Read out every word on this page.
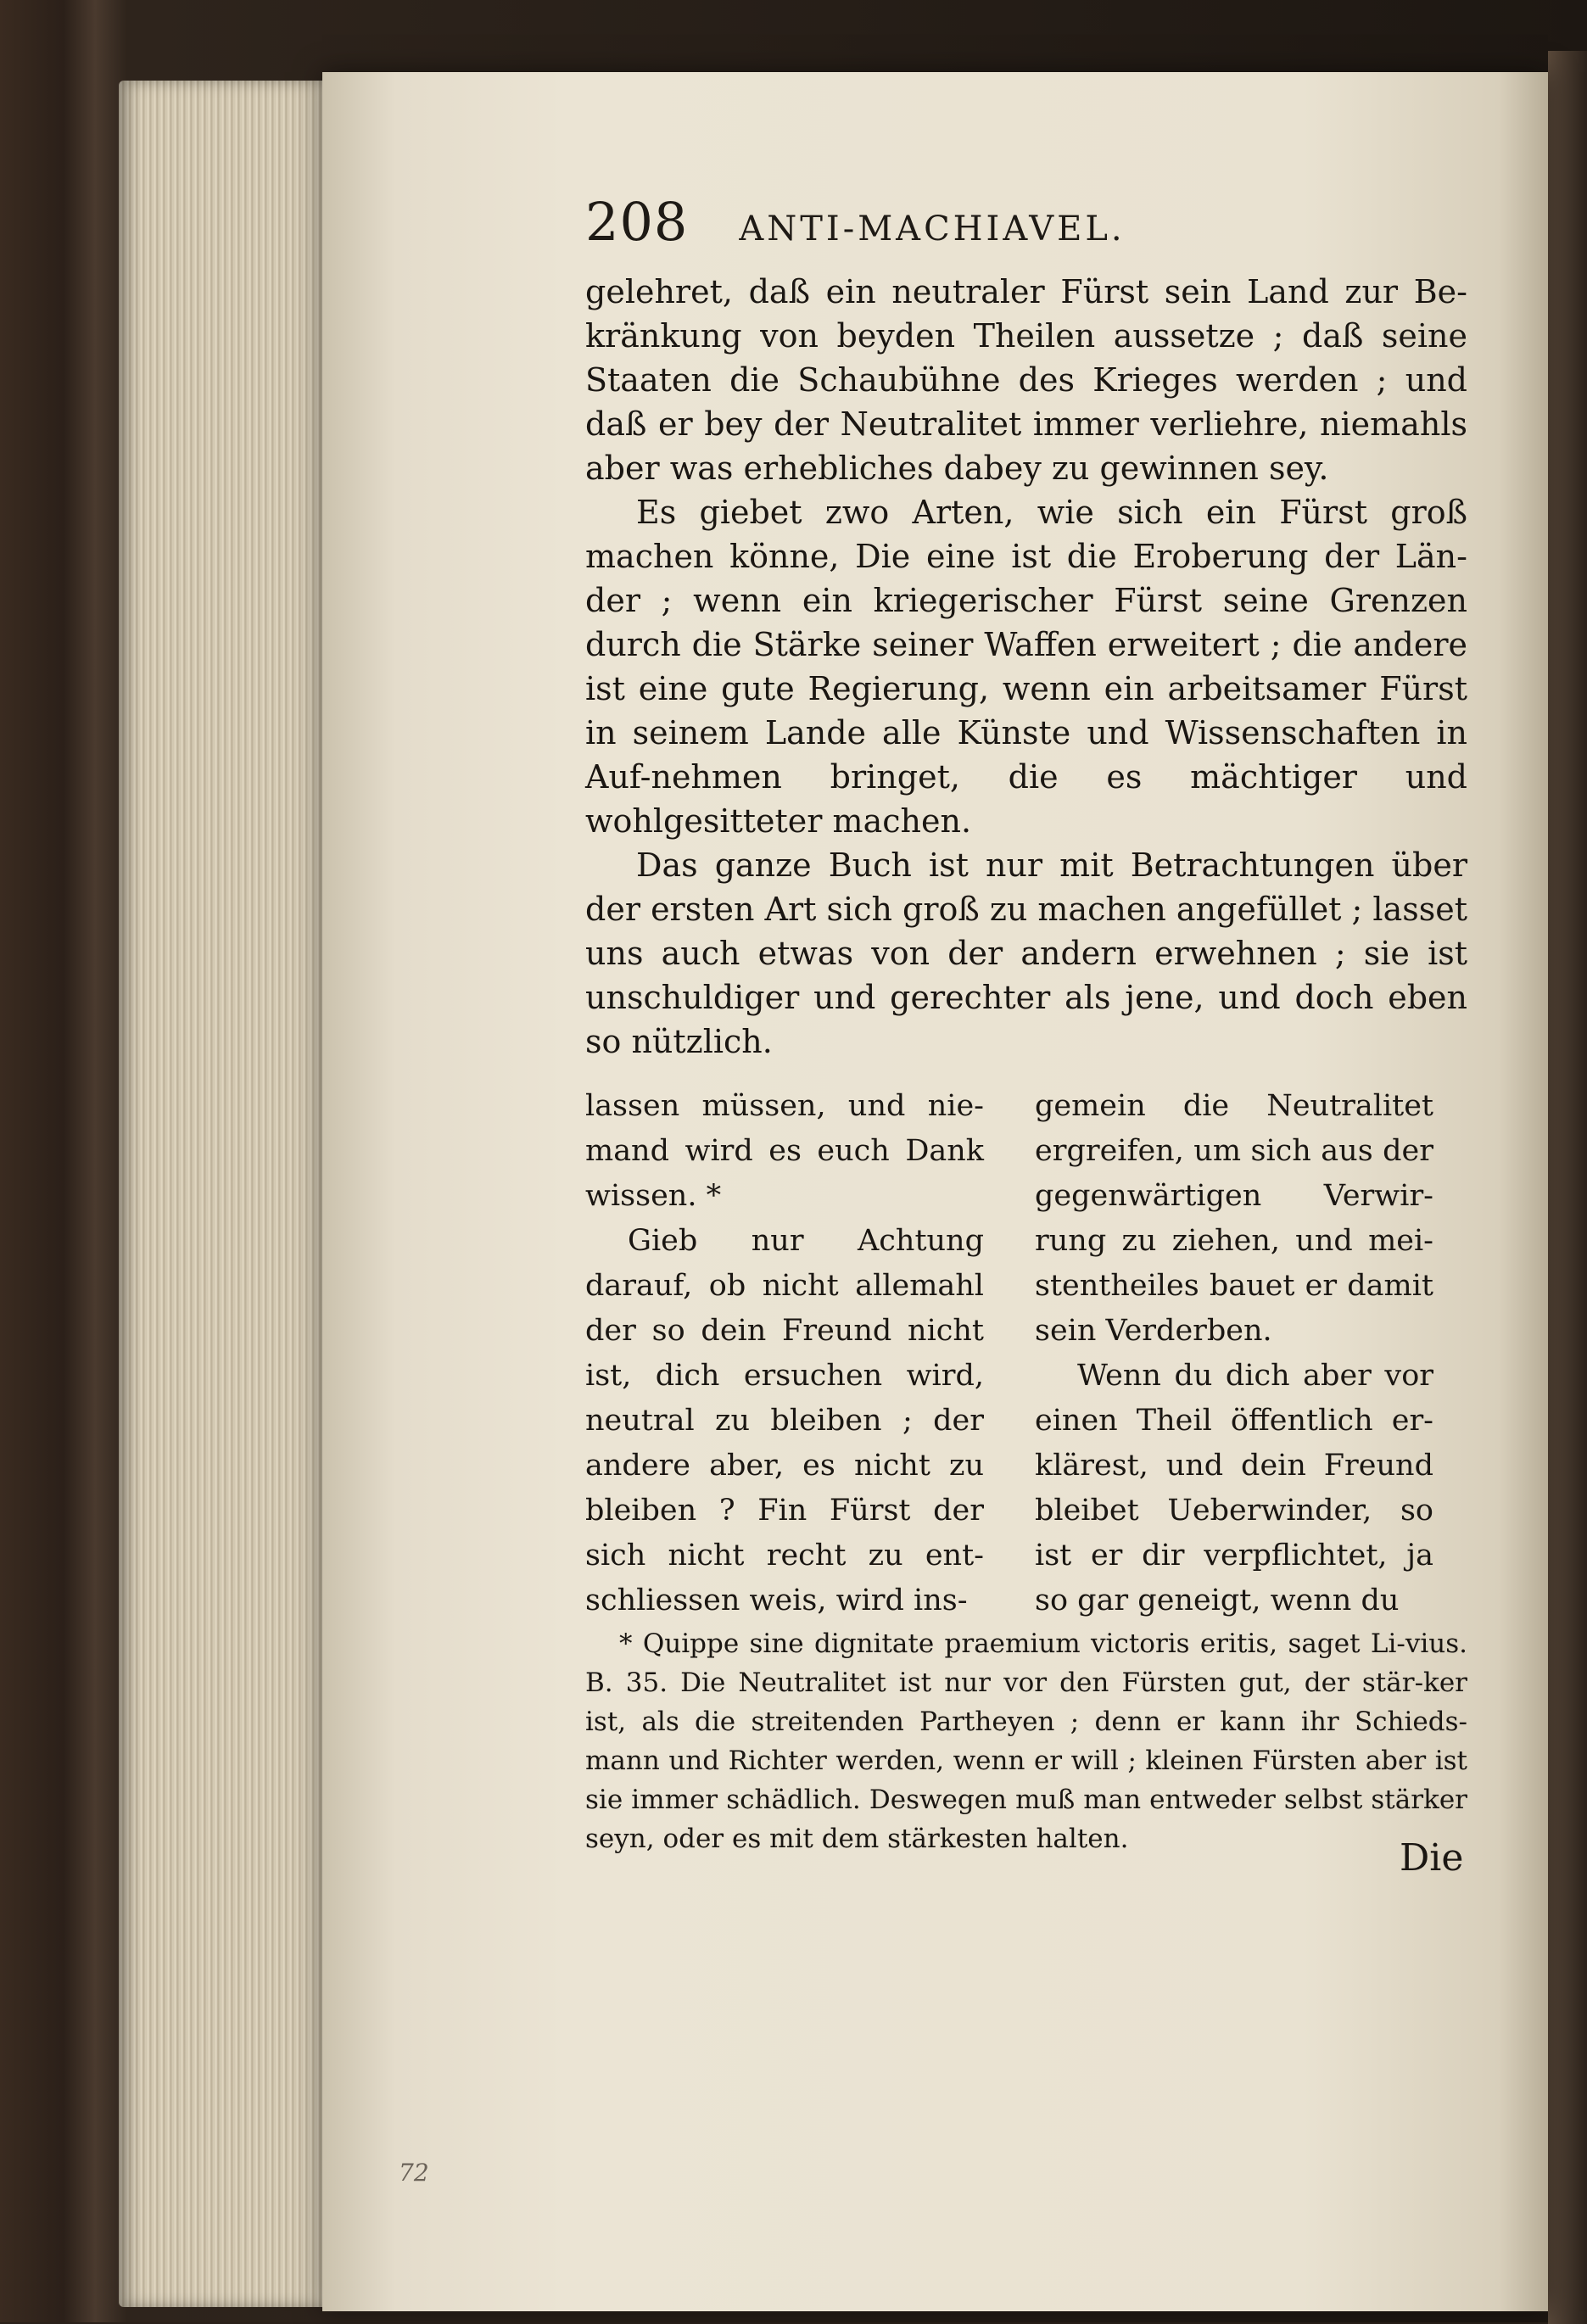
208 ANTI-MACHIAVEL.

gelehret, daß ein neutraler Fürst sein Land zur Be-kränkung von beyden Theilen aussetze ; daß seine Staaten die Schaubühne des Krieges werden ; und daß er bey der Neutralitet immer verliehre, niemahls aber was erhebliches dabey zu gewinnen sey.

Es giebet zwo Arten, wie sich ein Fürst groß machen könne, Die eine ist die Eroberung der Län-der ; wenn ein kriegerischer Fürst seine Grenzen durch die Stärke seiner Waffen erweitert ; die andere ist eine gute Regierung, wenn ein arbeitsamer Fürst in seinem Lande alle Künste und Wissenschaften in Auf-nehmen bringet, die es mächtiger und wohlgesitteter machen.

Das ganze Buch ist nur mit Betrachtungen über der ersten Art sich groß zu machen angefüllet ; lasset uns auch etwas von der andern erwehnen ; sie ist unschuldiger und gerechter als jene, und doch eben so nützlich.

lassen müssen, und nie-mand wird es euch Dank wissen. *

Gieb nur Achtung darauf, ob nicht allemahl der so dein Freund nicht ist, dich ersuchen wird, neutral zu bleiben ; der andere aber, es nicht zu bleiben ? Fin Fürst der sich nicht recht zu ent-schliessen weis, wird ins-

gemein die Neutralitet ergreifen, um sich aus der gegenwärtigen Verwir-rung zu ziehen, und mei-stentheiles bauet er damit sein Verderben.

Wenn du dich aber vor einen Theil öffentlich er-klärest, und dein Freund bleibet Ueberwinder, so ist er dir verpflichtet, ja so gar geneigt, wenn du

* Quippe sine dignitate praemium victoris eritis, saget Li-vius. B. 35. Die Neutralitet ist nur vor den Fürsten gut, der stär-ker ist, als die streitenden Partheyen ; denn er kann ihr Schieds-mann und Richter werden, wenn er will ; kleinen Fürsten aber ist sie immer schädlich. Deswegen muß man entweder selbst stärker seyn, oder es mit dem stärkesten halten.	Die
72
